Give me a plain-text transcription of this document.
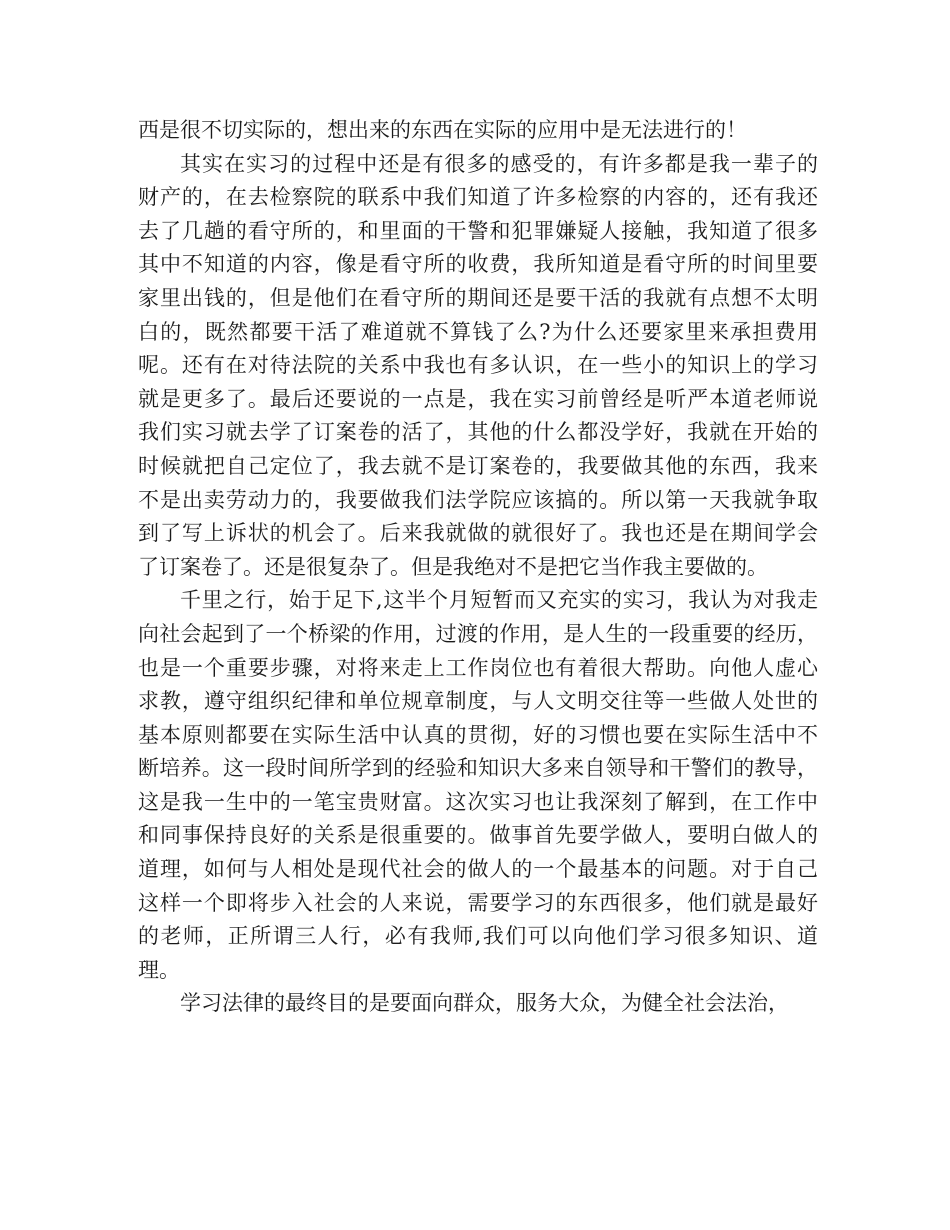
西是很不切实际的，想出来的东西在实际的应用中是无法进行的！
其实在实习的过程中还是有很多的感受的，有许多都是我一辈子的
财产的，在去检察院的联系中我们知道了许多检察的内容的，还有我还
去了几趟的看守所的，和里面的干警和犯罪嫌疑人接触，我知道了很多
其中不知道的内容，像是看守所的收费，我所知道是看守所的时间里要
家里出钱的，但是他们在看守所的期间还是要干活的我就有点想不太明
白的，既然都要干活了难道就不算钱了么?为什么还要家里来承担费用
呢。还有在对待法院的关系中我也有多认识，在一些小的知识上的学习
就是更多了。最后还要说的一点是，我在实习前曾经是听严本道老师说
我们实习就去学了订案卷的活了，其他的什么都没学好，我就在开始的
时候就把自己定位了，我去就不是订案卷的，我要做其他的东西，我来
不是出卖劳动力的，我要做我们法学院应该搞的。所以第一天我就争取
到了写上诉状的机会了。后来我就做的就很好了。我也还是在期间学会
了订案卷了。还是很复杂了。但是我绝对不是把它当作我主要做的。
千里之行，始于足下,这半个月短暂而又充实的实习，我认为对我走
向社会起到了一个桥梁的作用，过渡的作用，是人生的一段重要的经历，
也是一个重要步骤，对将来走上工作岗位也有着很大帮助。向他人虚心
求教，遵守组织纪律和单位规章制度，与人文明交往等一些做人处世的
基本原则都要在实际生活中认真的贯彻，好的习惯也要在实际生活中不
断培养。这一段时间所学到的经验和知识大多来自领导和干警们的教导，
这是我一生中的一笔宝贵财富。这次实习也让我深刻了解到，在工作中
和同事保持良好的关系是很重要的。做事首先要学做人，要明白做人的
道理，如何与人相处是现代社会的做人的一个最基本的问题。对于自己
这样一个即将步入社会的人来说，需要学习的东西很多，他们就是最好
的老师，正所谓三人行，必有我师,我们可以向他们学习很多知识、道
理。
学习法律的最终目的是要面向群众，服务大众，为健全社会法治，
